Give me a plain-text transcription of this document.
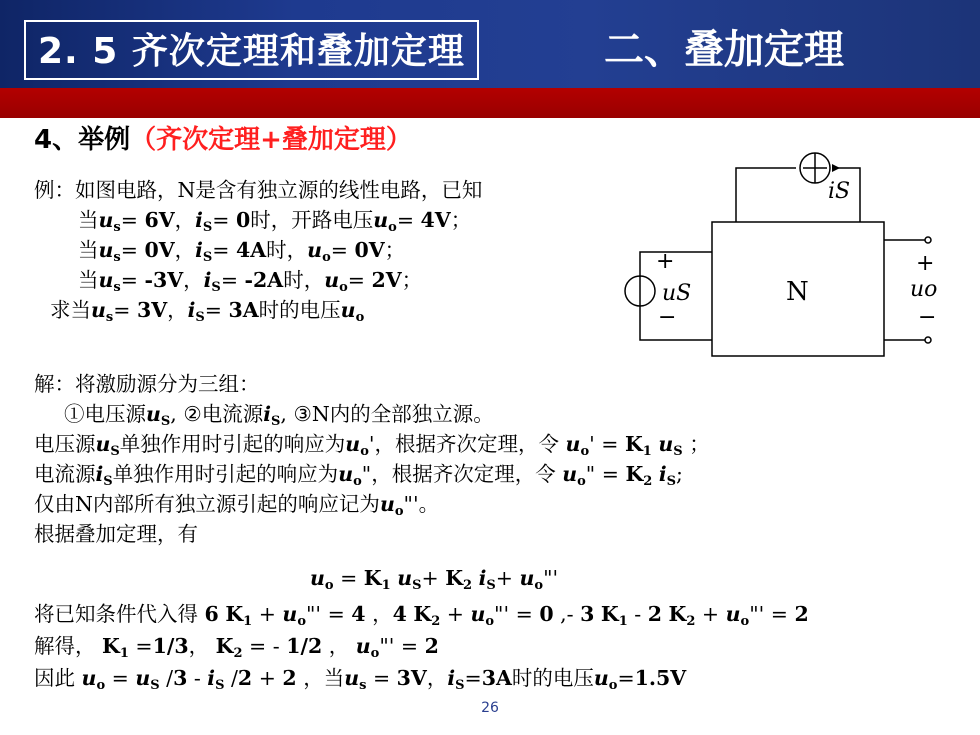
2. 5 齐次定理和叠加定理	二、叠加定理
4、举例（齐次定理+叠加定理）
例：如图电路，N是含有独立源的线性电路，已知
当$u_s= 6V$，$i_S= 0$时，开路电压$u_o= 4V$；
当$u_s= 0V$，$i_S= 4A$时，$u_o= 0V$；
当$u_s= -3V$，$i_S= -2A$时，$u_o= 2V$；
求当$u_s= 3V$，$i_S= 3A$时的电压$u_o$
iS
uS	uo
N
+
−
+
−
解：将激励源分为三组：
①电压源$u_S$, ②电流源$i_S$, ③N内的全部独立源。
电压源$u_S$单独作用时引起的响应为$u_o'$，根据齐次定理，令 $u_o' = K_1$ $u_S$ ；
电流源$i_S$单独作用时引起的响应为$u_o$"，根据齐次定理，令 $u_o$" = $K_2$ $i_S$;
仅由N内部所有独立源引起的响应记为$u_o"'$。
根据叠加定理，有
$u_o = K_1$ $u_S+ K_2$ $i_S+$ $u_o"'$
将已知条件代入得 6 $K_1$ + $u_o"' = 4$ ，4 $K_2$ + $u_o"' = 0$ ,- 3 $K_1 - 2$ $K_2$ + $u_o"' = 2$
解得， $K_1 =1/3$， $K_2$ = - 1/2 ， $u_o"' = 2$
因此 $u_o = u_S$ $/3 - i_S$ /2 + 2 ，当$u_s = 3V$，$i_S=3A$时的电压$u_o=1.5V$
26
